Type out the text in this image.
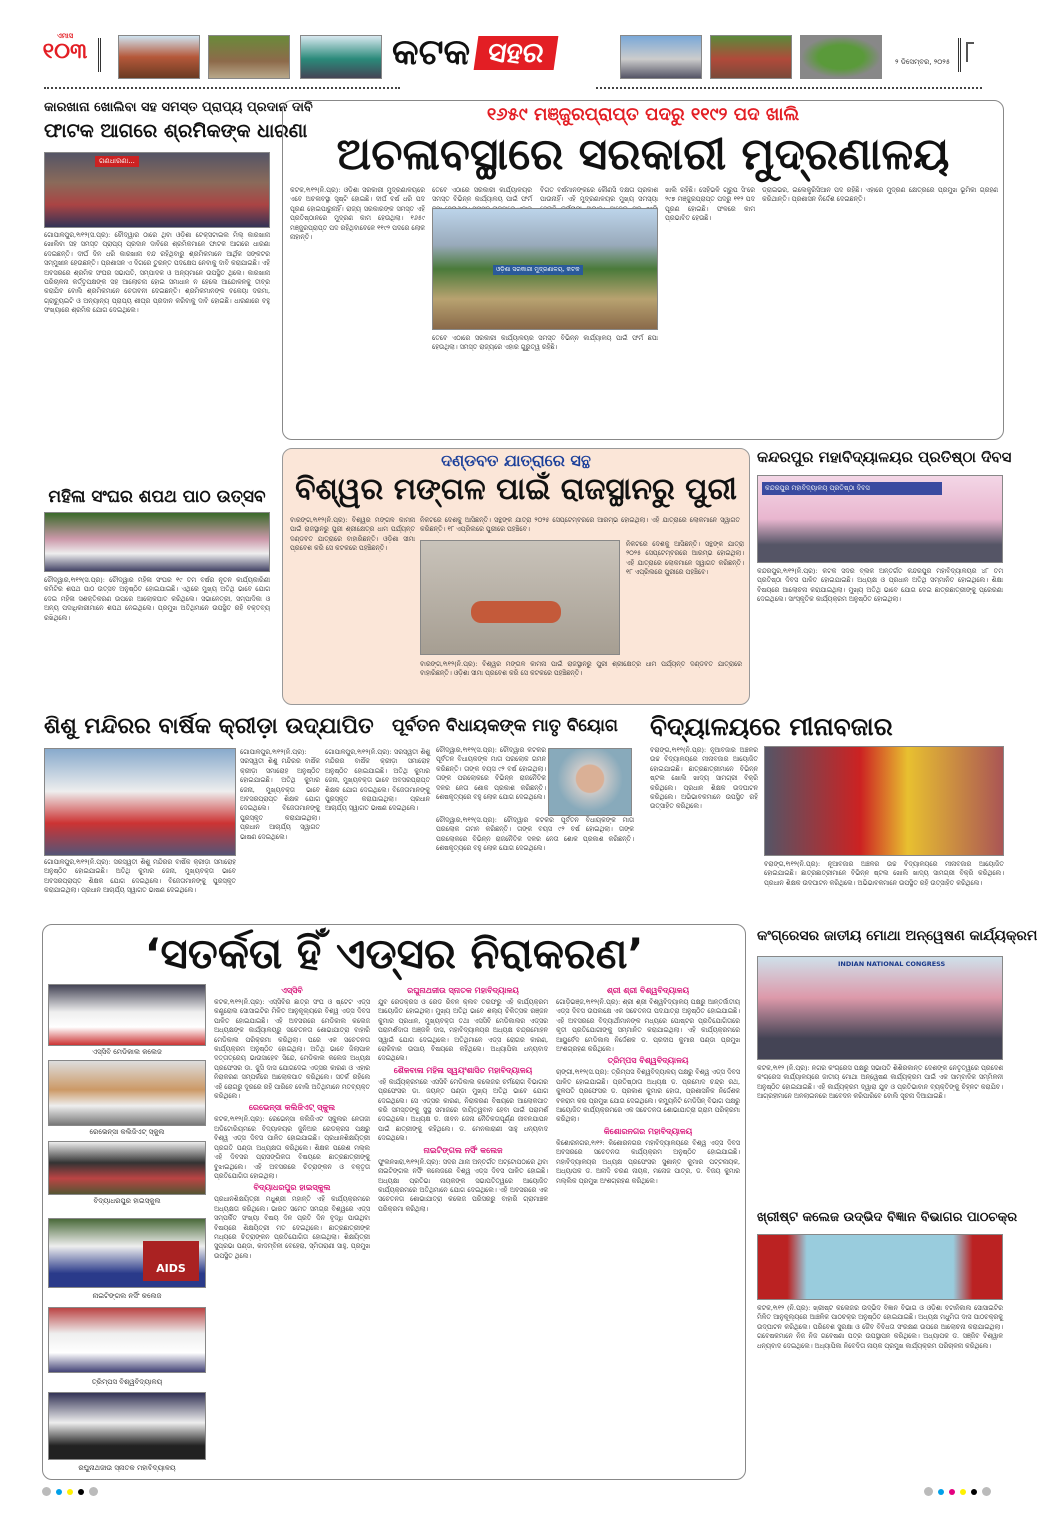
ଏମାସ
୧୦୩	କଟକ ସହର	୨ ଡିସେମ୍ବର, ୨୦୨୫
କାରଖାନା ଖୋଲିବା ସହ ସମସ୍ତ ପ୍ରାପ୍ୟ ପ୍ରଦାନ ଦାବି
ଫାଟକ ଆଗରେ ଶ୍ରମିକଙ୍କ ଧାରଣା
ଗଣଧାରଣା...
ଗୋପାଳପୁର,୧ା୧୨(ସ.ପ୍ର): ଚୌଦ୍ୱାର ଠାରେ ଥିବା ଓଡ଼ିଶା ଟେକ୍ସଟାଇଲ ମିଲ୍ କାରଖାନା ଖୋଲିବା ସହ ସମସ୍ତ ପ୍ରାପ୍ୟ ପ୍ରଦାନ ଦାବିରେ ଶ୍ରମିକମାନେ ଫାଟକ ଆଗରେ ଧାରଣା ଦେଇଛନ୍ତି। ଦୀର୍ଘ ଦିନ ଧରି କାରଖାନା ବନ୍ଦ ରହିଥିବାରୁ ଶ୍ରମିକମାନେ ଆର୍ଥିକ ସଙ୍କଟର ସମ୍ମୁଖୀନ ହେଉଛନ୍ତି। ପ୍ରଶାସନ ଏ ଦିଗରେ ତୁରନ୍ତ ପଦକ୍ଷେପ ନେବାକୁ ଦାବି କରାଯାଇଛି। ଏହି ଅବସରରେ ଶ୍ରମିକ ସଂଘର ସଭାପତି, ସମ୍ପାଦକ ଓ ଅନ୍ୟମାନେ ଉପସ୍ଥିତ ଥିଲେ। କାରଖାନା ପରିଚାଳନା କର୍ତ୍ତୃପକ୍ଷଙ୍କ ସହ ଆଲୋଚନା ହୋଇ ସମାଧାନ ନ ହେଲେ ଆନ୍ଦୋଳନକୁ ତୀବ୍ର କରାଯିବ ବୋଲି ଶ୍ରମିକମାନେ ଚେତାବନୀ ଦେଇଛନ୍ତି। ଶ୍ରମିକମାନଙ୍କ ବକେୟା ଦରମା, ଗ୍ରାଚ୍ୟୁଇଟି ଓ ଅନ୍ୟାନ୍ୟ ପ୍ରାପ୍ୟ ଶୀଘ୍ର ପ୍ରଦାନ କରିବାକୁ ଦାବି ହୋଇଛି। ଧାରଣାରେ ବହୁ ସଂଖ୍ୟାରେ ଶ୍ରମିକ ଯୋଗ ଦେଇଥିଲେ।
ମହିଳା ସଂଘର ଶପଥ ପାଠ ଉତ୍ସବ
ଚୌଦ୍ୱାର,୧ା୧୨(ସ.ପ୍ର): ଚୌଦ୍ୱାର ମହିଳା ସଂଘର ୧୯ ତମ ବର୍ଷର ନୂତନ କାର୍ଯ୍ୟକାରିଣୀ କମିଟିର ଶପଥ ପାଠ ଉତ୍ସବ ଅନୁଷ୍ଠିତ ହୋଇଯାଇଛି। ଏଥିରେ ମୁଖ୍ୟ ଅତିଥି ଭାବେ ଯୋଗ ଦେଇ ମହିଳା ସଶକ୍ତିକରଣ ଉପରେ ଆଲୋକପାତ କରିଥିଲେ। ସଭାନେତ୍ରୀ, ସମ୍ପାଦିକା ଓ ଅନ୍ୟ ପଦାଧିକାରୀମାନେ ଶପଥ ନେଇଥିଲେ। ପ୍ରମୁଖ ଅତିଥିମାନେ ଉପସ୍ଥିତ ରହି ବକ୍ତବ୍ୟ ରଖିଥିଲେ।
୧୬୫୯ ମଞ୍ଜୁରପ୍ରାପ୍ତ ପଦରୁ ୧୧୯୨ ପଦ ଖାଲି
ଅଚଳାବସ୍ଥାରେ ସରକାରୀ ମୁଦ୍ରଣାଳୟ
କଟକ,୧ା୧୨(ନି.ପ୍ର): ଓଡ଼ିଶା ସରକାରୀ ମୁଦ୍ରଣାଳୟରେ ଏବେ ଅଚଳାବସ୍ଥା ସୃଷ୍ଟି ହୋଇଛି। ଦୀର୍ଘ ବର୍ଷ ଧରି ପଦ ପୂରଣ ହୋଇପାରୁନାହିଁ। ରାଜ୍ୟ ସରକାରଙ୍କ ସମସ୍ତ ଏହି ପ୍ରତିଷ୍ଠାନରେ ମୁଦ୍ରଣ କାମ ହେଉଥିଲା। ୧୬୫୯ ମଞ୍ଜୁରପ୍ରାପ୍ତ ପଦ ରହିଥିବାବେଳେ ୧୧୯୨ ପଦରେ ଲୋକ ନାହାନ୍ତି।
ତେବେ ଏଠାରେ ସରକାରୀ କାର୍ଯ୍ୟାଳୟର ସମସ୍ତ ବିଭିନ୍ନ କାର୍ଯ୍ୟାଳୟ ପାଇଁ ଫର୍ମ
ବିଗତ ବର୍ଷମାନଙ୍କରେ କୌଣସି ଦକ୍ଷତା ପ୍ରକାଶ ପାଉନାହିଁ। ଏହି ମୁଦ୍ରଣାଳୟର ମୁଖ୍ୟ ସମସ୍ୟା
ଖାଲି ରହିଛି। ସେହିଭଳି ଗ୍ରୁପ ସି'ରେ ୨୯୭ ମଞ୍ଜୁରପ୍ରାପ୍ତ ପଦରୁ ୧୧୨ ପଦ ପୂରଣ ହୋଇଛି। ଫଳରେ କାମ ପ୍ରଭାବିତ ହେଉଛି।
ଓଡ଼ିଶା ସରକାରୀ ମୁଦ୍ରଣାଳୟ, କଟକ
ତେବେ ଏଠାରେ ସରକାରୀ କାର୍ଯ୍ୟାଳୟର ସମସ୍ତ ବିଭିନ୍ନ କାର୍ଯ୍ୟାଳୟ ପାଇଁ ଫର୍ମ ଛପା ହେଉଥିଲା। ସମସ୍ତ ରାଜ୍ୟରେ ଏହାର ଗୁରୁତ୍ୱ ରହିଛି।
ଡ୍ରାଇଭର, ଇଲେକ୍ଟ୍ରିସିଆନ ପଦ ରହିଛି। ଏହାରେ ମୁଦ୍ରଣ କ୍ଷେତ୍ରରେ ପ୍ରମୁଖ ଭୂମିକା ଗ୍ରହଣ କରିଥାନ୍ତି। ପ୍ରଶାସନ ନିର୍ଦ୍ଦେଶ ଦେଇଛନ୍ତି।
ଦଣ୍ଡବତ ଯାତ୍ରାରେ ସନ୍ଥ
ବିଶ୍ୱର ମଙ୍ଗଳ ପାଇଁ ରାଜସ୍ଥାନରୁ ପୁରୀ
ବାରଙ୍ଗ,୧ା୧୨(ନି.ପ୍ର): ବିଶ୍ୱର ମଙ୍ଗଳ କାମନା ପାଇଁ ରାଜସ୍ଥାନରୁ ପୁରୀ ଶ୍ରୀକ୍ଷେତ୍ର ଧାମ ପର୍ଯ୍ୟନ୍ତ ଦଣ୍ଡବତ ଯାତ୍ରାରେ ବାହାରିଛନ୍ତି। ଓଡ଼ିଶା ସୀମା ପ୍ରବେଶ କରି ସେ କଟକରେ ପହଞ୍ଚିଛନ୍ତି।
ନିକଟରେ ଦେଶକୁ ଆସିଛନ୍ତି। ସନ୍ଥଙ୍କ ଯାତ୍ରା ୨୦୨୫ ସେପ୍ଟେମ୍ବରରେ ଆରମ୍ଭ ହୋଇଥିଲା। ଏହି ଯାତ୍ରାରେ ଲୋକମାନେ ସ୍ୱାଗତ କରିଛନ୍ତି। ୧୮ ଏପ୍ରିଲରେ ପୁରୀରେ ପହଞ୍ଚିବେ।
ନିକଟରେ ଦେଶକୁ ଆସିଛନ୍ତି। ସନ୍ଥଙ୍କ ଯାତ୍ରା ୨୦୨୫ ସେପ୍ଟେମ୍ବରରେ ଆରମ୍ଭ ହୋଇଥିଲା। ଏହି ଯାତ୍ରାରେ ଲୋକମାନେ ସ୍ୱାଗତ କରିଛନ୍ତି। ୧୮ ଏପ୍ରିଲରେ ପୁରୀରେ ପହଞ୍ଚିବେ।
ବାରଙ୍ଗ,୧ା୧୨(ନି.ପ୍ର): ବିଶ୍ୱର ମଙ୍ଗଳ କାମନା ପାଇଁ ରାଜସ୍ଥାନରୁ ପୁରୀ ଶ୍ରୀକ୍ଷେତ୍ର ଧାମ ପର୍ଯ୍ୟନ୍ତ ଦଣ୍ଡବତ ଯାତ୍ରାରେ ବାହାରିଛନ୍ତି। ଓଡ଼ିଶା ସୀମା ପ୍ରବେଶ କରି ସେ କଟକରେ ପହଞ୍ଚିଛନ୍ତି।
କନ୍ଦରପୁର ମହାବିଦ୍ୟାଳୟର ପ୍ରତିଷ୍ଠା ଦିବସ
କନ୍ଦରପୁର ମହାବିଦ୍ୟାଳୟ ପ୍ରତିଷ୍ଠା ଦିବସ
କନ୍ଦରପୁର,୧ା୧୨(ନି.ପ୍ର): କଟକ ସଦର ବ୍ଲକ ଅନ୍ତର୍ଗତ କନ୍ଦରପୁର ମହାବିଦ୍ୟାଳୟର ୪୮ ତମ ପ୍ରତିଷ୍ଠା ଦିବସ ପାଳିତ ହୋଇଯାଇଛି। ଅଧ୍ୟକ୍ଷ ଓ ପ୍ରଧାନ ଅତିଥି ସମ୍ମାନିତ ହୋଇଥିଲେ। ଶିକ୍ଷା ବିଷୟରେ ଆଲୋଚନା କରାଯାଇଥିଲା। ମୁଖ୍ୟ ଅତିଥି ଭାବେ ଯୋଗ ଦେଇ ଛାତ୍ରଛାତ୍ରୀଙ୍କୁ ପ୍ରେରଣା ଦେଇଥିଲେ। ସାଂସ୍କୃତିକ କାର୍ଯ୍ୟକ୍ରମ ଅନୁଷ୍ଠିତ ହୋଇଥିଲା।
ଶିଶୁ ମନ୍ଦିରର ବାର୍ଷିକ କ୍ରୀଡ଼ା ଉଦ୍‌ଯାପିତ
ଗୋପାଳପୁର,୧ା୧୨(ନି.ପ୍ର): ସରସ୍ୱତୀ ଶିଶୁ ମନ୍ଦିରର ବାର୍ଷିକ କ୍ରୀଡ଼ା ସମାରୋହ ଅନୁଷ୍ଠିତ ହୋଇଯାଇଛି। ଅତିଥି କୁମାର ଜେନା, ମୁଖ୍ୟବକ୍ତା ଭାବେ ଅବସରପ୍ରାପ୍ତ ଶିକ୍ଷକ ଯୋଗ ଦେଇଥିଲେ। ବିଜେତାମାନଙ୍କୁ ପୁରସ୍କୃତ କରାଯାଇଥିଲା। ପ୍ରଧାନ ଆଚାର୍ଯ୍ୟ ସ୍ୱାଗତ ଭାଷଣ ଦେଇଥିଲେ।
ଗୋପାଳପୁର,୧ା୧୨(ନି.ପ୍ର): ସରସ୍ୱତୀ ଶିଶୁ ମନ୍ଦିରର ବାର୍ଷିକ କ୍ରୀଡ଼ା ସମାରୋହ ଅନୁଷ୍ଠିତ ହୋଇଯାଇଛି। ଅତିଥି କୁମାର ଜେନା, ମୁଖ୍ୟବକ୍ତା ଭାବେ ଅବସରପ୍ରାପ୍ତ ଶିକ୍ଷକ ଯୋଗ ଦେଇଥିଲେ। ବିଜେତାମାନଙ୍କୁ ପୁରସ୍କୃତ କରାଯାଇଥିଲା। ପ୍ରଧାନ ଆଚାର୍ଯ୍ୟ ସ୍ୱାଗତ ଭାଷଣ ଦେଇଥିଲେ।
ଗୋପାଳପୁର,୧ା୧୨(ନି.ପ୍ର): ସରସ୍ୱତୀ ଶିଶୁ ମନ୍ଦିରର ବାର୍ଷିକ କ୍ରୀଡ଼ା ସମାରୋହ ଅନୁଷ୍ଠିତ ହୋଇଯାଇଛି। ଅତିଥି କୁମାର ଜେନା, ମୁଖ୍ୟବକ୍ତା ଭାବେ ଅବସରପ୍ରାପ୍ତ ଶିକ୍ଷକ ଯୋଗ ଦେଇଥିଲେ। ବିଜେତାମାନଙ୍କୁ ପୁରସ୍କୃତ କରାଯାଇଥିଲା। ପ୍ରଧାନ ଆଚାର୍ଯ୍ୟ ସ୍ୱାଗତ ଭାଷଣ ଦେଇଥିଲେ।
ପୂର୍ବତନ ବିଧାୟକଙ୍କ ମାତୃ ବିୟୋଗ
ଚୌଦ୍ୱାର,୧ା୧୨(ସ.ପ୍ର): ଚୌଦ୍ୱାର କଟକର ପୂର୍ବତନ ବିଧାୟକଙ୍କ ମାତା ପରଲୋକ ଗମନ କରିଛନ୍ତି। ତାଙ୍କ ବୟସ ୯୨ ବର୍ଷ ହୋଇଥିଲା। ତାଙ୍କ ପରଲୋକରେ ବିଭିନ୍ନ ରାଜନୈତିକ ଦଳର ନେତା ଶୋକ ପ୍ରକାଶ କରିଛନ୍ତି। ଶେଷକୃତ୍ୟରେ ବହୁ ଲୋକ ଯୋଗ ଦେଇଥିଲେ।
ଚୌଦ୍ୱାର,୧ା୧୨(ସ.ପ୍ର): ଚୌଦ୍ୱାର କଟକର ପୂର୍ବତନ ବିଧାୟକଙ୍କ ମାତା ପରଲୋକ ଗମନ କରିଛନ୍ତି। ତାଙ୍କ ବୟସ ୯୨ ବର୍ଷ ହୋଇଥିଲା। ତାଙ୍କ ପରଲୋକରେ ବିଭିନ୍ନ ରାଜନୈତିକ ଦଳର ନେତା ଶୋକ ପ୍ରକାଶ କରିଛନ୍ତି। ଶେଷକୃତ୍ୟରେ ବହୁ ଲୋକ ଯୋଗ ଦେଇଥିଲେ।
ବିଦ୍ୟାଳୟରେ ମୀନାବଜାର
ବରାଙ୍ଗ,୧ା୧୨(ନି.ପ୍ର): ନୂଆବଜାର ଅଞ୍ଚଳର ଉଚ୍ଚ ବିଦ୍ୟାଳୟରେ ମୀନାବଜାର ଆୟୋଜିତ ହୋଇଯାଇଛି। ଛାତ୍ରଛାତ୍ରୀମାନେ ବିଭିନ୍ନ ଷ୍ଟଲ ଖୋଲି ଖାଦ୍ୟ ସାମଗ୍ରୀ ବିକ୍ରି କରିଥିଲେ। ପ୍ରଧାନ ଶିକ୍ଷକ ଉଦଘାଟନ କରିଥିଲେ। ଅଭିଭାବକମାନେ ଉପସ୍ଥିତ ରହି ଉତ୍ସାହିତ କରିଥିଲେ।
ବରାଙ୍ଗ,୧ା୧୨(ନି.ପ୍ର): ନୂଆବଜାର ଅଞ୍ଚଳର ଉଚ୍ଚ ବିଦ୍ୟାଳୟରେ ମୀନାବଜାର ଆୟୋଜିତ ହୋଇଯାଇଛି। ଛାତ୍ରଛାତ୍ରୀମାନେ ବିଭିନ୍ନ ଷ୍ଟଲ ଖୋଲି ଖାଦ୍ୟ ସାମଗ୍ରୀ ବିକ୍ରି କରିଥିଲେ। ପ୍ରଧାନ ଶିକ୍ଷକ ଉଦଘାଟନ କରିଥିଲେ। ଅଭିଭାବକମାନେ ଉପସ୍ଥିତ ରହି ଉତ୍ସାହିତ କରିଥିଲେ।
‘ସତର୍କତା ହିଁ ଏଡ୍‌ସର ନିରାକରଣ’
ଏସ୍‌ସିବି ମେଡିକାଲ କଲେଜ
ରେଭେନ୍ସା କଲିଜିଏଟ୍ ସ୍କୁଲ
ବିଦ୍ୟାଧରପୁର ହାଇସ୍କୁଲ
AIDS
ନାଇଟିଙ୍ଗଲ ନର୍ସିଂ କଲେଜ
ତ୍ରିମ୍ପସ ବିଶ୍ୱବିଦ୍ୟାଳୟ
ରଘୁନାଥଜୀଉ ସ୍ନାତକ ମହାବିଦ୍ୟାଳୟ
ଏସ୍‌ସିବି
କଟକ,୧ା୧୨(ନି.ପ୍ର): ଏସ୍‌ସିବିର ଛାତ୍ର ସଂଘ ଓ ଷ୍ଟେଟ ଏଡ୍‌ସ କଣ୍ଟ୍ରୋଲ ସୋସାଇଟିର ମିଳିତ ଆନୁକୂଲ୍ୟରେ ବିଶ୍ୱ ଏଡ୍‌ସ ଦିବସ ପାଳିତ ହୋଇଯାଇଛି। ଏହି ଅବସରରେ ମେଡିକାଲ କଲେଜ ଅଧ୍ୟକ୍ଷଙ୍କ କାର୍ଯ୍ୟାଳୟରୁ ସଚେତନତା ଶୋଭାଯାତ୍ରା ବାହାରି ମେଡିକାଲ ପରିକ୍ରମା କରିଥିଲା। ପରେ ଏକ ସଚେତନତା କାର୍ଯ୍ୟକ୍ରମ ଅନୁଷ୍ଠିତ ହୋଇଥିଲା। ଅତିଥି ଭାବେ ଜିଲାପାଳ ଦତ୍ତାତ୍ରେୟ ଭାଉସାହେବ ସିନ୍ଦେ, ମେଡିକାଲ କଲେଜ ଅଧ୍ୟକ୍ଷ ପ୍ରଫେସର ଡା. ଜୁସି ଦାସ ଯୋଗଦେଇ ଏଡ୍‌ସର କାରଣ ଓ ଏହାର ନିରାକରଣ ସମ୍ପର୍କରେ ଆଲୋକପାତ କରିଥିଲେ। ସତର୍କ ରହିଲେ ଏହି ରୋଗରୁ ଦୂରରେ ରହି ପାରିବେ ବୋଲି ଅତିଥିମାନେ ମତବ୍ୟକ୍ତ କରିଥିଲେ।
ରେଭେନ୍ସା କଲିଜିଏଟ୍ ସ୍କୁଲ
କଟକ,୧ା୧୨(ନି.ପ୍ର): ରେଭେନ୍ସା କଲିଜିଏଟ ସ୍କୁଲର ନେତାଜୀ ଅଡିଟୋରିୟମରେ ବିଦ୍ୟାଳୟର ଜୁନିଅର ରେଡକ୍ରସ ପକ୍ଷରୁ ବିଶ୍ୱ ଏଡ୍‌ସ ଦିବସ ପାଳିତ ହୋଇଯାଇଛି। ପ୍ରଧାନଶିକ୍ଷୟିତ୍ରୀ ପ୍ରଗତି ପଣ୍ଡା ଅଧ୍ୟକ୍ଷତା କରିଥିଲେ। ଶିକ୍ଷକ ପରେଶ ମଲ୍ଲ ଏହି ଦିବସର ପ୍ରାସଙ୍ଗିକତା ବିଷୟରେ ଛାତ୍ରଛାତ୍ରୀଙ୍କୁ ବୁଝାଇଥିଲେ। ଏହି ଅବସରରେ ଚିତ୍ରାଙ୍କନ ଓ ବକ୍ତୃତା ପ୍ରତିଯୋଗିତା ହୋଇଥିଲା।
ବିଦ୍ୟାଧରପୁର ହାଇସ୍କୁଲ
ପ୍ରଧାନଶିକ୍ଷୟିତ୍ରୀ ମଧୁଶ୍ରୀ ମହାନ୍ତି ଏହି କାର୍ଯ୍ୟକ୍ରମରେ ଅଧ୍ୟକ୍ଷତା କରିଥିଲେ। ଭାରତ ସମେତ ସମଗ୍ର ବିଶ୍ୱରେ ଏଡ୍‌ସ ସମ୍ପର୍କିତ ସଂଖ୍ୟା ବିଷୟ ଦିନ ପ୍ରତି ଦିନ ବୃଦ୍ଧି ପାଉଥିବା ବିଷୟରେ ଶିକ୍ଷୟିତ୍ରୀ ମତ ଦେଇଥିଲେ। ଛାତ୍ରଛାତ୍ରୀଙ୍କ ମଧ୍ୟରେ ଚିତ୍ରାଙ୍କନ ପ୍ରତିଯୋଗିତା ହୋଇଥିଲା। ଶିକ୍ଷୟିତ୍ରୀ ସୁପ୍ରଭା ପଣ୍ଡା, କାଦମ୍ବିନୀ ବେହେରା, ସ୍ମିତାରାଣୀ ସାହୁ, ପ୍ରମୁଖ ଉପସ୍ଥିତ ଥିଲେ।
ରଘୁନାଥଜୀଉ ସ୍ନାତକ ମହାବିଦ୍ୟାଳୟ
ଯୁବ ରେଡକ୍ରସ ଓ ରେଡ ରିବନ କ୍ଲବ ତରଫରୁ ଏହି କାର୍ଯ୍ୟକ୍ରମ ଆୟୋଜିତ ହୋଇଥିଲା। ମୁଖ୍ୟ ଅତିଥି ଭାବେ ଶଲ୍ୟ ଚିକିତ୍ସକ ରଞ୍ଜନ କୁମାର ପ୍ରଧାନ, ମୁଖ୍ୟବକ୍ତା ତଥା ଏସସିବି ମେଡିକାଲର ଏଡ୍‌ସର ପରାମର୍ଶଦାତା ଅଞ୍ଜଳି ଦାସ, ମହାବିଦ୍ୟାଳୟର ଅଧ୍ୟକ୍ଷ ଚନ୍ଦ୍ରମୋହନ ସ୍ୱାଇଁ ଯୋଗ ଦେଇଥିଲେ। ଅତିଥିମାନେ ଏଡ୍‌ସ ରୋଗର କାରଣ, ରୋକିବାର ଉପାୟ ବିଷୟରେ କହିଥିଲେ। ଅଧ୍ୟାପିକା ଧନ୍ୟବାଦ ଦେଇଥିଲେ।
ଶୈଳବାଳା ମହିଳା ସ୍ୱୟଂଶାସିତ ମହାବିଦ୍ୟାଳୟ
ଏହି କାର୍ଯ୍ୟକ୍ରମରେ ଏସସିବି ମେଡିକାଲ କଲେଜର ଚର୍ମରୋଗ ବିଭାଗର ପ୍ରଫେସର ଡା. ଜୟନ୍ତ ପଣ୍ଡା ମୁଖ୍ୟ ଅତିଥି ଭାବେ ଯୋଗ ଦେଇଥିଲେ। ସେ ଏଡ୍‌ସର କାରଣ, ନିରାକରଣ ବିଷୟରେ ଆଲୋକପାତ କରି ସମସ୍ତଙ୍କୁ ସୁସ୍ଥ ସମାଜରେ ଦାୟିତ୍ୱବାନ ହେବା ପାଇଁ ପରାମର୍ଶ ଦେଇଥିଲେ। ଅଧ୍ୟକ୍ଷ ଡ. ଜୀବନ ଜେନା ନୈତିକତାପୂର୍ଣ୍ଣ ଜୀବନଯାପନ ପାଇଁ ଛାତ୍ରୀଙ୍କୁ କହିଥିଲେ। ଡ. ମେନକାରାଣୀ ସାହୁ ଧନ୍ୟବାଦ ଦେଇଥିଲେ।
ନାଇଟିଙ୍ଗଲ ନର୍ସିଂ କଲେଜ
ଫୁଲନଖରା,୧ା୧୨(ନି.ପ୍ର): ସଦର ଥାନା ଅନ୍ତର୍ଗତ ଅଟ୍ଟୋପଠାରେ ଥିବା ନାଇଟିଙ୍ଗଲ ନର୍ସିଂ କଲେଜରେ ବିଶ୍ୱ ଏଡ୍‌ସ ଦିବସ ପାଳିତ ହୋଇଛି। ଅଧ୍ୟକ୍ଷା ପ୍ରତିଭା ନାୟକଙ୍କ ସଭାପତିତ୍ୱରେ ଆୟୋଜିତ କାର୍ଯ୍ୟକ୍ରମରେ ଅତିଥିମାନେ ଯୋଗ ଦେଇଥିଲେ। ଏହି ଅବସରରେ ଏକ ସଚେତନତା ଶୋଭାଯାତ୍ରା କଲେଜ ପରିସରରୁ ବାହାରି ଗ୍ରାମାଞ୍ଚଳ ପରିକ୍ରମା କରିଥିଲା।
ଶ୍ରୀ ଶ୍ରୀ ବିଶ୍ୱବିଦ୍ୟାଳୟ
ଗୋଡ଼ିଭଞ୍ଜ,୧ା୧୨(ନି.ପ୍ର): ଶ୍ରୀ ଶ୍ରୀ ବିଶ୍ୱବିଦ୍ୟାଳୟ ପକ୍ଷରୁ ଆନ୍ତର୍ଜାତୀୟ ଏଡ୍‌ସ ଦିବସ ଉପଲକ୍ଷେ ଏକ ସଚେତନତା ପଦଯାତ୍ରା ଅନୁଷ୍ଠିତ ହୋଇଯାଇଛି। ଏହି ଅବସରରେ ବିଦ୍ୟାର୍ଥୀମାନଙ୍କ ମଧ୍ୟରେ ପୋଷ୍ଟର ପ୍ରତିଯୋଗିତାରେ କୃତୀ ପ୍ରତିଯୋଗୀଙ୍କୁ ସମ୍ମାନିତ କରାଯାଇଥିଲା। ଏହି କାର୍ଯ୍ୟକ୍ରମରେ ଆୟୁର୍ବେଦ ମେଡିକାଲ ନିର୍ଦ୍ଦେଶକ ଡ. ପ୍ରଦୀପ କୁମାର ପଣ୍ଡା ପ୍ରମୁଖ ଅଂଶଗ୍ରହଣ କରିଥିଲେ।
ତ୍ରିମ୍ପସ ବିଶ୍ୱବିଦ୍ୟାଳୟ
ଚାଙ୍ଗୀ,୧ା୧୨(ସ.ପ୍ର): ତ୍ରିମ୍ପସ ବିଶ୍ୱବିଦ୍ୟାଳୟ ପକ୍ଷରୁ ବିଶ୍ୱ ଏଡ୍‌ସ ଦିବସ ପାଳିତ ହୋଇଯାଇଛି। ପ୍ରତିଷ୍ଠାତା ଅଧ୍ୟକ୍ଷ ଡ. ପ୍ରମୋଦ ଚନ୍ଦ୍ର ରଥ, କୁଳପତି ପ୍ରଫେସର ଡ. ପ୍ରକାଶ କୁମାର ହୋତା, ପ୍ରଶାସନିକ ନିର୍ଦ୍ଦେଶକ ବଳରାମ କର ପ୍ରମୁଖ ଯୋଗ ଦେଇଥିଲେ। କମ୍ୟୁନିଟି ମେଡିସିନ୍ ବିଭାଗ ପକ୍ଷରୁ ଆୟୋଜିତ କାର୍ଯ୍ୟକ୍ରମରେ ଏକ ସଚେତନତା ଶୋଭାଯାତ୍ରା ଗ୍ରାମ ପରିକ୍ରମା କରିଥିଲା।
କିଶୋରନଗର ମହାବିଦ୍ୟାଳୟ
କିଶୋରନଗର,୧ା୧୨: କିଶୋରନଗର ମହାବିଦ୍ୟାଳୟରେ ବିଶ୍ୱ ଏଡ୍‌ସ ଦିବସ ଅବସରରେ ସଚେତନତା କାର୍ଯ୍ୟକ୍ରମ ଅନୁଷ୍ଠିତ ହୋଇଯାଇଛି। ମହାବିଦ୍ୟାଳୟର ଅଧ୍ୟକ୍ଷ ପ୍ରଫେସର ସୁଶାନ୍ତ କୁମାର ପଟ୍ଟନାୟକ, ଅଧ୍ୟାପକ ଡ. ଅନାଦି ଚରଣ ନାୟକ, ମନୋଜ ପାତ୍ର, ଡ. ବିଜୟ କୁମାର ମଲ୍ଲିକ ପ୍ରମୁଖ ଅଂଶଗ୍ରହଣ କରିଥିଲେ।
କଂଗ୍ରେସର ଜାତୀୟ ମୋଥା ଅନ୍ୱେଷଣ କାର୍ଯ୍ୟକ୍ରମ
INDIAN NATIONAL CONGRESS
କଟକ,୧ା୧୨ (ନି.ପ୍ର): ନଗର କଂଗ୍ରେସ ପକ୍ଷରୁ ସଭାପତି ଶିଶିରକାନ୍ତ ଦେଶଙ୍କ ନେତୃତ୍ୱରେ ପ୍ରଦେଶ କଂଗ୍ରେସ କାର୍ଯ୍ୟାଳୟରେ ଜାତୀୟ ମୋଥା ଅନ୍ୱେଷଣ କାର୍ଯ୍ୟକ୍ରମ ପାଇଁ ଏକ ସାମ୍ବାଦିକ ସମ୍ମିଳନୀ ଅନୁଷ୍ଠିତ ହୋଇଯାଇଛି। ଏହି କାର୍ଯ୍ୟକ୍ରମ ଦ୍ୱାରା ଯୁବ ଓ ପ୍ରତିଭାବାନ ବ୍ୟକ୍ତିଙ୍କୁ ଚିହ୍ନଟ କରାଯିବ। ଆଗ୍ରହୀମାନେ ଅନଲାଇନରେ ଆବେଦନ କରିପାରିବେ ବୋଲି ସୂଚନା ଦିଆଯାଇଛି।
ଖ୍ରୀଷ୍ଟ କଲେଜ ଉଦ୍ଭିଦ ବିଜ୍ଞାନ ବିଭାଗର ପାଠଚକ୍ର
କଟକ,୧ା୧୨ (ନି.ପ୍ର): ଖ୍ରୀଷ୍ଟ କଲେଜର ଉଦ୍ଭିଦ ବିଜ୍ଞାନ ବିଭାଗ ଓ ଓଡ଼ିଶା ବଟାନିକାଲ ସୋସାଇଟିର ମିଳିତ ଆନୁକୂଲ୍ୟରେ ଆଞ୍ଚଳିକ ପାଠଚକ୍ର ଅନୁଷ୍ଠିତ ହୋଇଯାଇଛି। ଅଧ୍ୟକ୍ଷ ମଧୁମିତା ଦାସ ପାଠଚକ୍ରକୁ ଉଦ୍‌ଘାଟନ କରିଥିଲେ। ପରିବେଶ ସୁରକ୍ଷା ଓ ଜୈବ ବିବିଧତା ସଂରକ୍ଷଣ ଉପରେ ଆଲୋଚନା କରାଯାଇଥିଲା। ଗବେଷକମାନେ ନିଜ ନିଜ ଗବେଷଣା ପତ୍ର ଉପସ୍ଥାପନ କରିଥିଲେ। ଅଧ୍ୟାପକ ଡ. ସଞ୍ଜିବ ବିଶ୍ୱାଳ ଧନ୍ୟବାଦ ଦେଇଥିଲେ। ଅଧ୍ୟାପିକା ନିବେଦିତା ନାୟକ ପ୍ରମୁଖ କାର୍ଯ୍ୟକ୍ରମ ପରିଚାଳନା କରିଥିଲେ।
